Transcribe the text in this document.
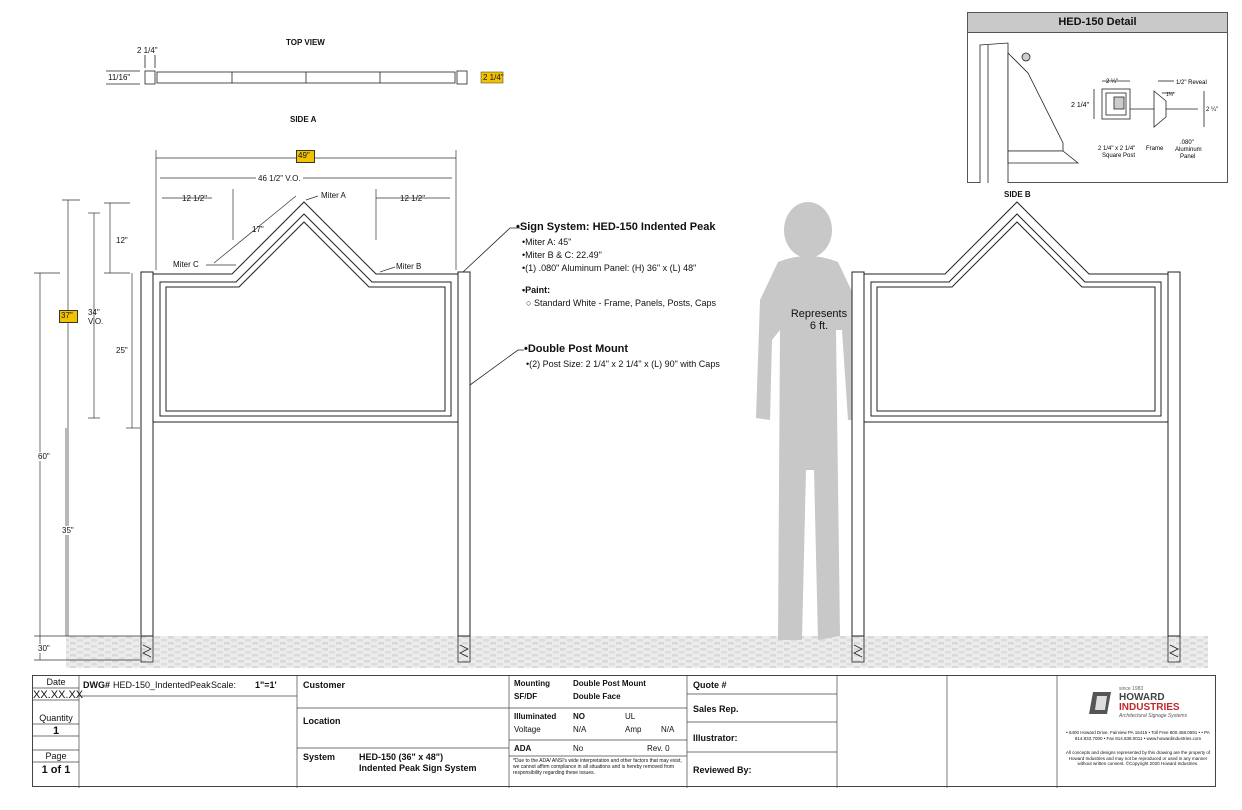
TOP VIEW
SIDE A
SIDE B
2 1/4"
11/16"	2 1/4"
49"
46 1/2" V.O.
12 1/2"	12 1/2"
Miter A
Miter B
Miter C
17"
12"
37" 34"
V.O.
25"
60"
35"
30"
•Sign System: HED-150 Indented Peak
•Miter A: 45"
•Miter B & C: 22.49"
•(1) .080" Aluminum Panel: (H) 36" x (L) 48"
•Paint:
○ Standard White - Frame, Panels, Posts, Caps
•Double Post Mount
•(2) Post Size: 2 1/4" x 2 1/4" x (L) 90" with Caps
Represents
6 ft.
HED-150 Detail
2 ¼"	1/2" Reveal
1¼"
2 1/4"
2 ¼"
2 1/4" x 2 1/4"
Square Post
Frame
.080"
Aluminum
Panel
Date
XX.XX.XX
Quantity
1
Page
1 of 1
DWG# HED-150_IndentedPeak Scale: 1"=1'	Customer
Location
System	HED-150 (36" x 48")
Indented Peak Sign System
Mounting	Double Post Mount
SF/DF	Double Face
Illuminated NO	UL
Voltage	N/A	Amp N/A
ADA	No	Rev. 0
*Due to the ADA/ ANSI's wide interpretation and other factors that may exist, we cannot affirm compliance in all situations and is hereby removed from responsibility regarding these issues.
Quote #
Sales Rep.
Illustrator:
Reviewed By:
since 1983
HOWARD
INDUSTRIES
Architectural Signage Systems
• 6400 Howard Drive, Fairview PA 16415 • Toll Free 800.458.0591 • • PA 814.833.7000 • Fax 814.838.0011 • www.howardindustries.com
All concepts and designs represented by this drawing are the property of Howard Industries and may not be reproduced or used in any manner without written consent. ©Copyright 2020 Howard Industries.
